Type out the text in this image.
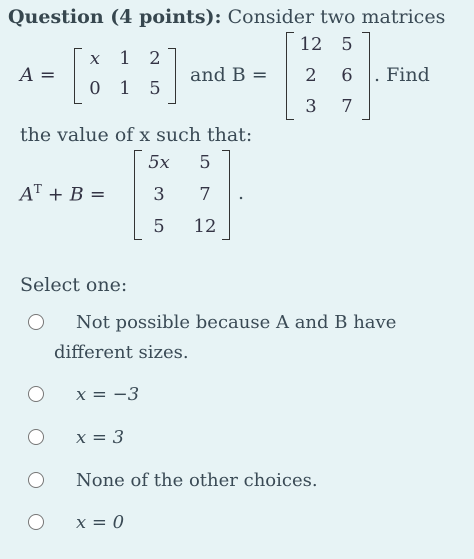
Question (4 points): Consider two matrices
A =
x	1	2
0	1	5
and B =
12	5
2	6
3	7
. Find
the value of x such that:
$A^T + B$ =
5x	5
3	7
5	12
.
Select one:
Not possible because A and B have
different sizes.
x = −3
x = 3
None of the other choices.
x = 0
